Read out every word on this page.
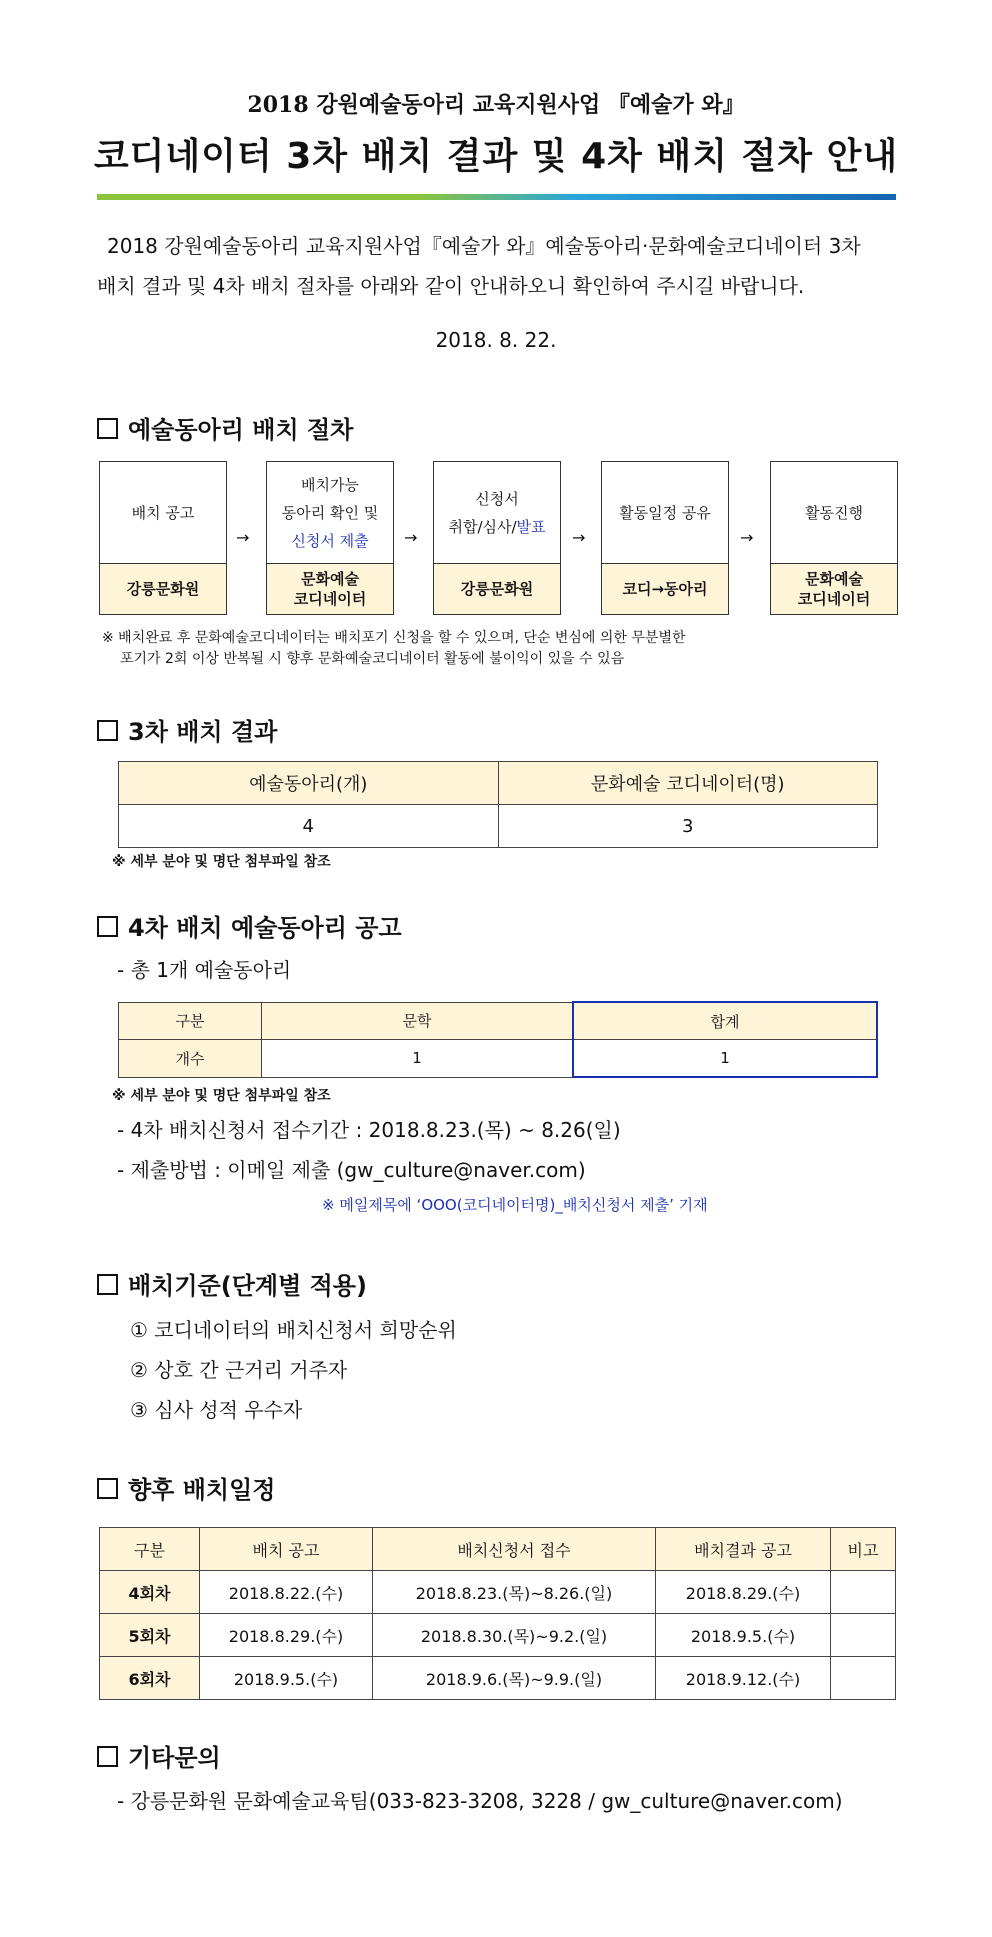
2018 강원예술동아리 교육지원사업 『예술가 와』
코디네이터 3차 배치 결과 및 4차 배치 절차 안내
2018 강원예술동아리 교육지원사업『예술가 와』예술동아리·문화예술코디네이터 3차
배치 결과 및 4차 배치 절차를 아래와 같이 안내하오니 확인하여 주시길 바랍니다.
2018. 8. 22.
예술동아리 배치 절차
배치 공고
강릉문화원
→
배치가능
동아리 확인 및
신청서 제출
문화예술
코디네이터
→
신청서
취합/심사/발표
강릉문화원
→
활동일정 공유
코디→동아리
→
활동진행
문화예술
코디네이터
※ 배치완료 후 문화예술코디네이터는 배치포기 신청을 할 수 있으며, 단순 변심에 의한 무분별한
포기가 2회 이상 반복될 시 향후 문화예술코디네이터 활동에 불이익이 있을 수 있음
3차 배치 결과
예술동아리(개)	문화예술 코디네이터(명)
4	3
※ 세부 분야 및 명단 첨부파일 참조
4차 배치 예술동아리 공고
- 총 1개 예술동아리
구분	문학	합계
개수	1	1
※ 세부 분야 및 명단 첨부파일 참조
- 4차 배치신청서 접수기간 : 2018.8.23.(목) ~ 8.26(일)
- 제출방법 : 이메일 제출 (gw_culture@naver.com)
※ 메일제목에 ‘OOO(코디네이터명)_배치신청서 제출’ 기재
배치기준(단계별 적용)
① 코디네이터의 배치신청서 희망순위
② 상호 간 근거리 거주자
③ 심사 성적 우수자
향후 배치일정
구분	배치 공고	배치신청서 접수	배치결과 공고	비고
4회차	2018.8.22.(수)	2018.8.23.(목)~8.26.(일)	2018.8.29.(수)	
5회차	2018.8.29.(수)	2018.8.30.(목)~9.2.(일)	2018.9.5.(수)	
6회차	2018.9.5.(수)	2018.9.6.(목)~9.9.(일)	2018.9.12.(수)	
기타문의
- 강릉문화원 문화예술교육팀(033-823-3208, 3228 / gw_culture@naver.com)
